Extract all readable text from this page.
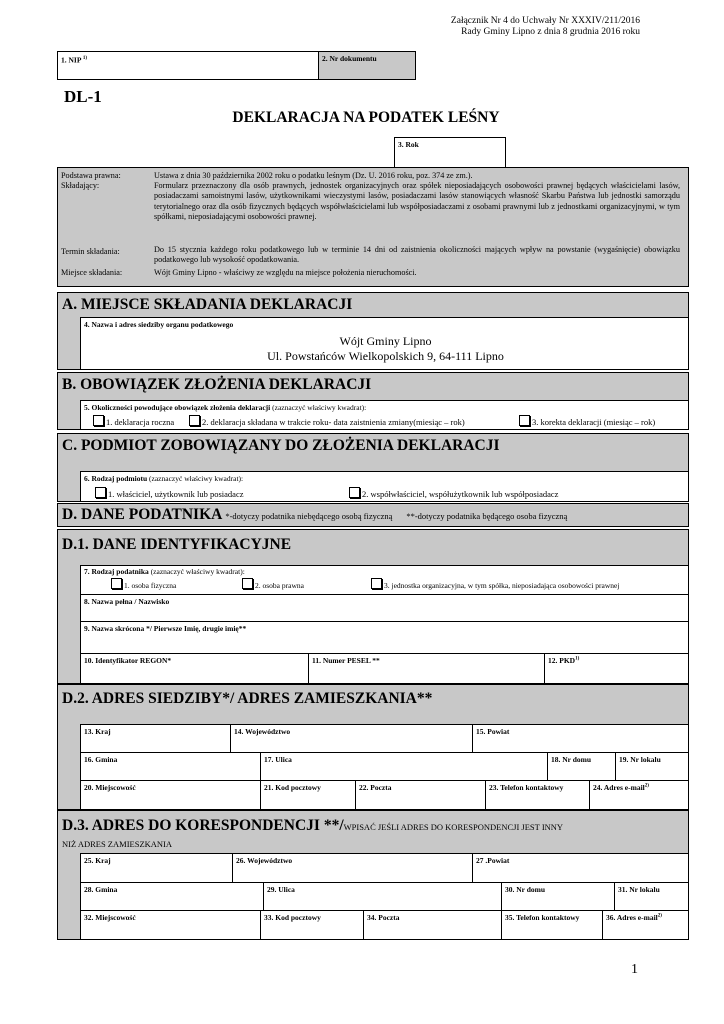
Załącznik Nr 4 do Uchwały Nr XXXIV/211/2016
Rady Gminy Lipno z dnia 8 grudnia 2016 roku
1. NIP $^{1)}$	2. Nr dokumentu
DL-1
DEKLARACJA NA PODATEK LEŚNY
3. Rok
Podstawa prawna:	Ustawa z dnia 30 października 2002 roku o podatku leśnym (Dz. U. 2016 roku, poz. 374 ze zm.).
Składający:	Formularz przeznaczony dla osób prawnych, jednostek organizacyjnych oraz spółek nieposiadających osobowości prawnej będących właścicielami lasów, posiadaczami samoistnymi lasów, użytkownikami wieczystymi lasów, posiadaczami lasów stanowiących własność Skarbu Państwa lub jednostki samorządu terytorialnego oraz dla osób fizycznych będących współwłaścicielami lub współposiadaczami z osobami prawnymi lub z jednostkami organizacyjnymi, w tym spółkami, nieposiadającymi osobowości prawnej.
Termin składania:	Do 15 stycznia każdego roku podatkowego lub w terminie 14 dni od zaistnienia okoliczności mających wpływ na powstanie (wygaśnięcie) obowiązku podatkowego lub wysokość opodatkowania.
Miejsce składania:	Wójt Gminy Lipno - właściwy ze względu na miejsce położenia nieruchomości.
A. MIEJSCE SKŁADANIA DEKLARACJI
4. Nazwa i adres siedziby organu podatkowego
Wójt Gminy Lipno
Ul. Powstańców Wielkopolskich 9, 64-111 Lipno
B. OBOWIĄZEK ZŁOŻENIA DEKLARACJI
5. Okoliczności powodujące obowiązek złożenia deklaracji (zaznaczyć właściwy kwadrat):
1. deklaracja roczna	2. deklaracja składana w trakcie roku- data zaistnienia zmiany(miesiąc – rok)	3. korekta deklaracji (miesiąc – rok)
C. PODMIOT ZOBOWIĄZANY DO ZŁOŻENIA DEKLARACJI
6. Rodzaj podmiotu (zaznaczyć właściwy kwadrat):
1. właściciel, użytkownik lub posiadacz	2. współwłaściciel, współużytkownik lub współposiadacz
D. DANE PODATNIKA *-dotyczy podatnika niebędącego osobą fizyczną **-dotyczy podatnika będącego osoba fizyczną
D.1. DANE IDENTYFIKACYJNE
7. Rodzaj podatnika (zaznaczyć właściwy kwadrat):
1. osoba fizyczna	2. osoba prawna	3. jednostka organizacyjna, w tym spółka, nieposiadająca osobowości prawnej
8. Nazwa pełna / Nazwisko
9. Nazwa skrócona */ Pierwsze Imię, drugie imię**
10. Identyfikator REGON*	11. Numer PESEL **	12. PKD$^{1)}$
D.2. ADRES SIEDZIBY*/ ADRES ZAMIESZKANIA**
13. Kraj	14. Województwo	15. Powiat
16. Gmina	17. Ulica	18. Nr domu	19. Nr lokalu
20. Miejscowość	21. Kod pocztowy	22. Poczta	23. Telefon kontaktowy	24. Adres e-mail$^{2)}$
D.3. ADRES DO KORESPONDENCJI **/WPISAĆ JEŚLI ADRES DO KORESPONDENCJI JEST INNY
NIŻ ADRES ZAMIESZKANIA
25. Kraj	26. Województwo	27 .Powiat
28. Gmina	29. Ulica	30. Nr domu	31. Nr lokalu
32. Miejscowość	33. Kod pocztowy	34. Poczta	35. Telefon kontaktowy	36. Adres e-mail$^{2)}$
1
